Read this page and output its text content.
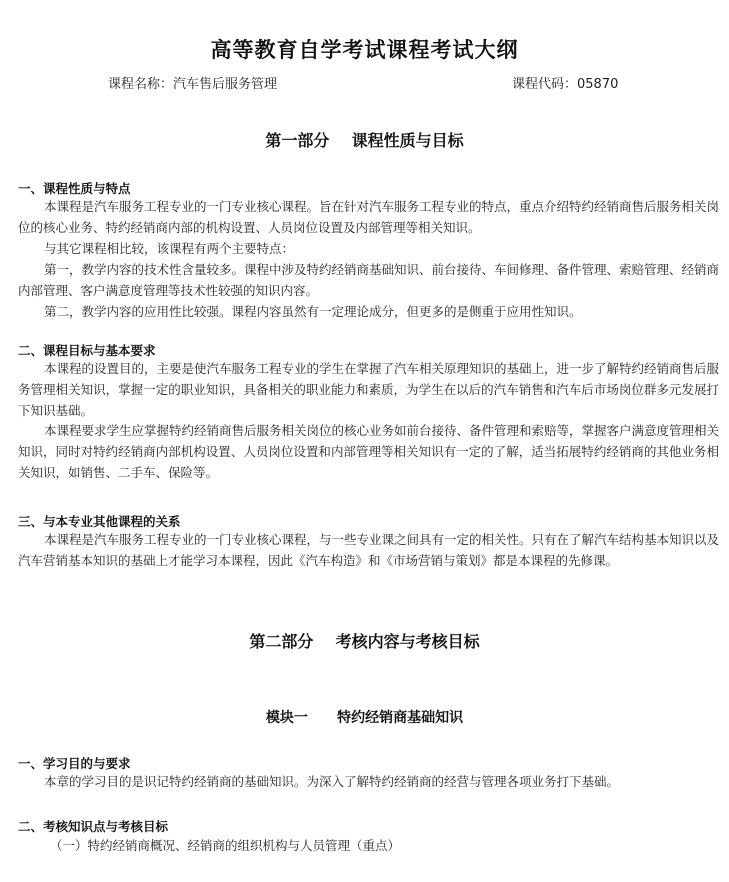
高等教育自学考试课程考试大纲
课程名称：汽车售后服务管理	课程代码：05870
第一部分    课程性质与目标
一、课程性质与特点
本课程是汽车服务工程专业的一门专业核心课程。旨在针对汽车服务工程专业的特点，重点介绍特约经销商售后服务相关岗位的核心业务、特约经销商内部的机构设置、人员岗位设置及内部管理等相关知识。
与其它课程相比较，该课程有两个主要特点：
第一，教学内容的技术性含量较多。课程中涉及特约经销商基础知识、前台接待、车间修理、备件管理、索赔管理、经销商内部管理、客户满意度管理等技术性较强的知识内容。
第二，教学内容的应用性比较强。课程内容虽然有一定理论成分，但更多的是侧重于应用性知识。
二、课程目标与基本要求
本课程的设置目的，主要是使汽车服务工程专业的学生在掌握了汽车相关原理知识的基础上，进一步了解特约经销商售后服务管理相关知识，掌握一定的职业知识，具备相关的职业能力和素质，为学生在以后的汽车销售和汽车后市场岗位群多元发展打下知识基础。
本课程要求学生应掌握特约经销商售后服务相关岗位的核心业务如前台接待、备件管理和索赔等，掌握客户满意度管理相关知识，同时对特约经销商内部机构设置、人员岗位设置和内部管理等相关知识有一定的了解，适当拓展特约经销商的其他业务相关知识，如销售、二手车、保险等。
三、与本专业其他课程的关系
本课程是汽车服务工程专业的一门专业核心课程，与一些专业课之间具有一定的相关性。只有在了解汽车结构基本知识以及汽车营销基本知识的基础上才能学习本课程，因此《汽车构造》和《市场营销与策划》都是本课程的先修课。
第二部分    考核内容与考核目标
模块一      特约经销商基础知识
一、学习目的与要求
本章的学习目的是识记特约经销商的基础知识。为深入了解特约经销商的经营与管理各项业务打下基础。
二、考核知识点与考核目标
（一）特约经销商概况、经销商的组织机构与人员管理（重点）
